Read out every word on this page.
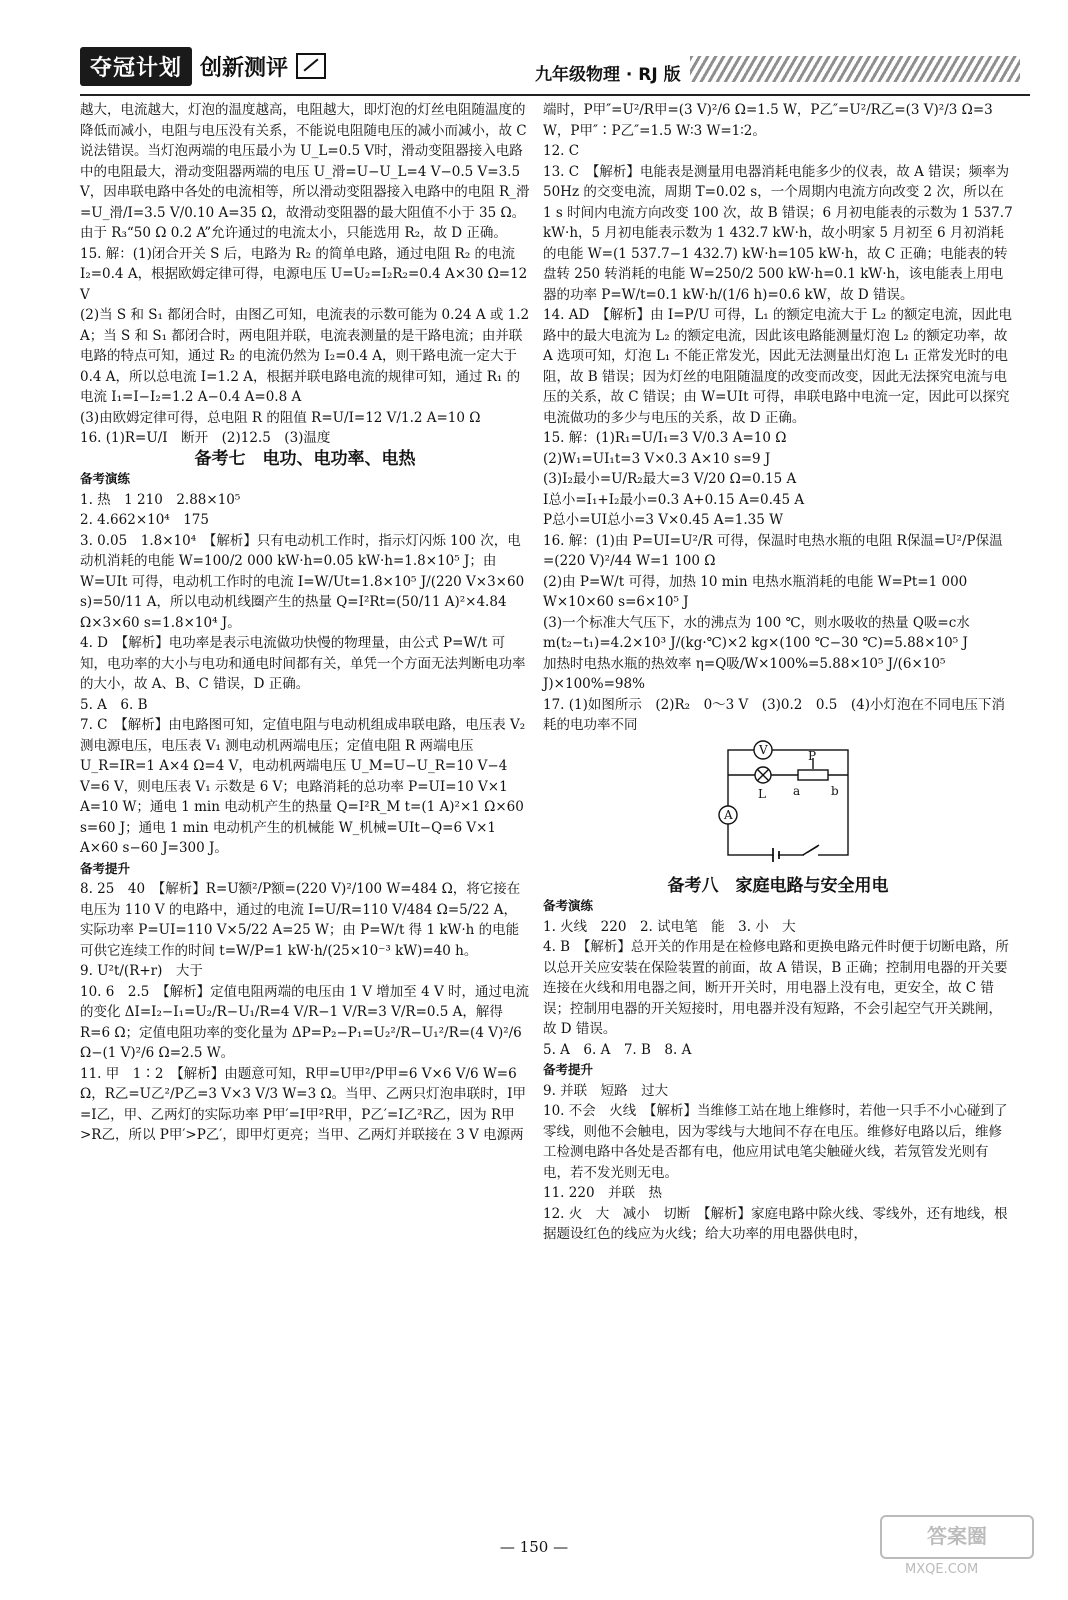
夺冠计划 创新测评	九年级物理 · RJ 版

越大，电流越大，灯泡的温度越高，电阻越大，即灯泡的灯丝电阻随温度的降低而减小，电阻与电压没有关系，不能说电阻随电压的减小而减小，故 C 说法错误。当灯泡两端的电压最小为 U_L=0.5 V时，滑动变阻器接入电路中的电阻最大，滑动变阻器两端的电压 U_滑=U−U_L=4 V−0.5 V=3.5 V，因串联电路中各处的电流相等，所以滑动变阻器接入电路中的电阻 R_滑=U_滑/I=3.5 V/0.10 A=35 Ω，故滑动变阻器的最大阻值不小于 35 Ω。由于 R₃“50 Ω 0.2 A”允许通过的电流太小，只能选用 R₂，故 D 正确。

15. 解：(1)闭合开关 S 后，电路为 R₂ 的简单电路，通过电阻 R₂ 的电流 I₂=0.4 A，根据欧姆定律可得，电源电压 U=U₂=I₂R₂=0.4 A×30 Ω=12 V

(2)当 S 和 S₁ 都闭合时，由图乙可知，电流表的示数可能为 0.24 A 或 1.2 A；当 S 和 S₁ 都闭合时，两电阻并联，电流表测量的是干路电流；由并联电路的特点可知，通过 R₂ 的电流仍然为 I₂=0.4 A，则干路电流一定大于 0.4 A，所以总电流 I=1.2 A，根据并联电路电流的规律可知，通过 R₁ 的电流 I₁=I−I₂=1.2 A−0.4 A=0.8 A

(3)由欧姆定律可得，总电阻 R 的阻值 R=U/I=12 V/1.2 A=10 Ω

16. (1)R=U/I　断开　(2)12.5　(3)温度

备考七　电功、电功率、电热

备考演练

1. 热　1 210　2.88×10⁵

2. 4.662×10⁴　175

3. 0.05　1.8×10⁴　【解析】只有电动机工作时，指示灯闪烁 100 次，电动机消耗的电能 W=100/2 000 kW·h=0.05 kW·h=1.8×10⁵ J；由 W=UIt 可得，电动机工作时的电流 I=W/Ut=1.8×10⁵ J/(220 V×3×60 s)=50/11 A，所以电动机线圈产生的热量 Q=I²Rt=(50/11 A)²×4.84 Ω×3×60 s=1.8×10⁴ J。

4. D　【解析】电功率是表示电流做功快慢的物理量，由公式 P=W/t 可知，电功率的大小与电功和通电时间都有关，单凭一个方面无法判断电功率的大小，故 A、B、C 错误，D 正确。

5. A　6. B

7. C　【解析】由电路图可知，定值电阻与电动机组成串联电路，电压表 V₂ 测电源电压，电压表 V₁ 测电动机两端电压；定值电阻 R 两端电压 U_R=IR=1 A×4 Ω=4 V，电动机两端电压 U_M=U−U_R=10 V−4 V=6 V，则电压表 V₁ 示数是 6 V；电路消耗的总功率 P=UI=10 V×1 A=10 W；通电 1 min 电动机产生的热量 Q=I²R_M t=(1 A)²×1 Ω×60 s=60 J；通电 1 min 电动机产生的机械能 W_机械=UIt−Q=6 V×1 A×60 s−60 J=300 J。

备考提升

8. 25　40　【解析】R=U额²/P额=(220 V)²/100 W=484 Ω，将它接在电压为 110 V 的电路中，通过的电流 I=U/R=110 V/484 Ω=5/22 A，实际功率 P=UI=110 V×5/22 A=25 W；由 P=W/t 得 1 kW·h 的电能可供它连续工作的时间 t=W/P=1 kW·h/(25×10⁻³ kW)=40 h。

9. U²t/(R+r)　大于

10. 6　2.5　【解析】定值电阻两端的电压由 1 V 增加至 4 V 时，通过电流的变化 ΔI=I₂−I₁=U₂/R−U₁/R=4 V/R−1 V/R=3 V/R=0.5 A，解得 R=6 Ω；定值电阻功率的变化量为 ΔP=P₂−P₁=U₂²/R−U₁²/R=(4 V)²/6 Ω−(1 V)²/6 Ω=2.5 W。

11. 甲　1∶2　【解析】由题意可知，R甲=U甲²/P甲=6 V×6 V/6 W=6 Ω，R乙=U乙²/P乙=3 V×3 V/3 W=3 Ω。当甲、乙两只灯泡串联时，I甲=I乙，甲、乙两灯的实际功率 P甲′=I甲²R甲，P乙′=I乙²R乙，因为 R甲>R乙，所以 P甲′>P乙′，即甲灯更亮；当甲、乙两灯并联接在 3 V 电源两

端时，P甲″=U²/R甲=(3 V)²/6 Ω=1.5 W，P乙″=U²/R乙=(3 V)²/3 Ω=3 W，P甲″∶P乙″=1.5 W∶3 W=1∶2。

12. C

13. C　【解析】电能表是测量用电器消耗电能多少的仪表，故 A 错误；频率为 50Hz 的交变电流，周期 T=0.02 s，一个周期内电流方向改变 2 次，所以在 1 s 时间内电流方向改变 100 次，故 B 错误；6 月初电能表的示数为 1 537.7 kW·h，5 月初电能表示数为 1 432.7 kW·h，故小明家 5 月初至 6 月初消耗的电能 W=(1 537.7−1 432.7) kW·h=105 kW·h，故 C 正确；电能表的转盘转 250 转消耗的电能 W=250/2 500 kW·h=0.1 kW·h，该电能表上用电器的功率 P=W/t=0.1 kW·h/(1/6 h)=0.6 kW，故 D 错误。

14. AD　【解析】由 I=P/U 可得，L₁ 的额定电流大于 L₂ 的额定电流，因此电路中的最大电流为 L₂ 的额定电流，因此该电路能测量灯泡 L₂ 的额定功率，故 A 选项可知，灯泡 L₁ 不能正常发光，因此无法测量出灯泡 L₁ 正常发光时的电阻，故 B 错误；因为灯丝的电阻随温度的改变而改变，因此无法探究电流与电压的关系，故 C 错误；由 W=UIt 可得，串联电路中电流一定，因此可以探究电流做功的多少与电压的关系，故 D 正确。

15. 解：(1)R₁=U/I₁=3 V/0.3 A=10 Ω

(2)W₁=UI₁t=3 V×0.3 A×10 s=9 J

(3)I₂最小=U/R₂最大=3 V/20 Ω=0.15 A

I总小=I₁+I₂最小=0.3 A+0.15 A=0.45 A

P总小=UI总小=3 V×0.45 A=1.35 W

16. 解：(1)由 P=UI=U²/R 可得，保温时电热水瓶的电阻 R保温=U²/P保温=(220 V)²/44 W=1 100 Ω

(2)由 P=W/t 可得，加热 10 min 电热水瓶消耗的电能 W=Pt=1 000 W×10×60 s=6×10⁵ J

(3)一个标准大气压下，水的沸点为 100 ℃，则水吸收的热量 Q吸=c水 m(t₂−t₁)=4.2×10³ J/(kg·℃)×2 kg×(100 ℃−30 ℃)=5.88×10⁵ J

加热时电热水瓶的热效率 η=Q吸/W×100%=5.88×10⁵ J/(6×10⁵ J)×100%=98%

17. (1)如图所示　(2)R₂　0～3 V　(3)0.2　0.5　(4)小灯泡在不同电压下消耗的电功率不同

V
L
P
a	b
A

备考八　家庭电路与安全用电

备考演练

1. 火线　220　2. 试电笔　能　3. 小　大

4. B　【解析】总开关的作用是在检修电路和更换电路元件时便于切断电路，所以总开关应安装在保险装置的前面，故 A 错误，B 正确；控制用电器的开关要连接在火线和用电器之间，断开开关时，用电器上没有电，更安全，故 C 错误；控制用电器的开关短接时，用电器并没有短路，不会引起空气开关跳闸，故 D 错误。

5. A　6. A　7. B　8. A

备考提升

9. 并联　短路　过大

10. 不会　火线　【解析】当维修工站在地上维修时，若他一只手不小心碰到了零线，则他不会触电，因为零线与大地间不存在电压。维修好电路以后，维修工检测电路中各处是否都有电，他应用试电笔尖触碰火线，若氖管发光则有电，若不发光则无电。

11. 220　并联　热

12. 火　大　减小　切断　【解析】家庭电路中除火线、零线外，还有地线，根据题设红色的线应为火线；给大功率的用电器供电时，

— 150 —	答案圈
MXQE.COM
